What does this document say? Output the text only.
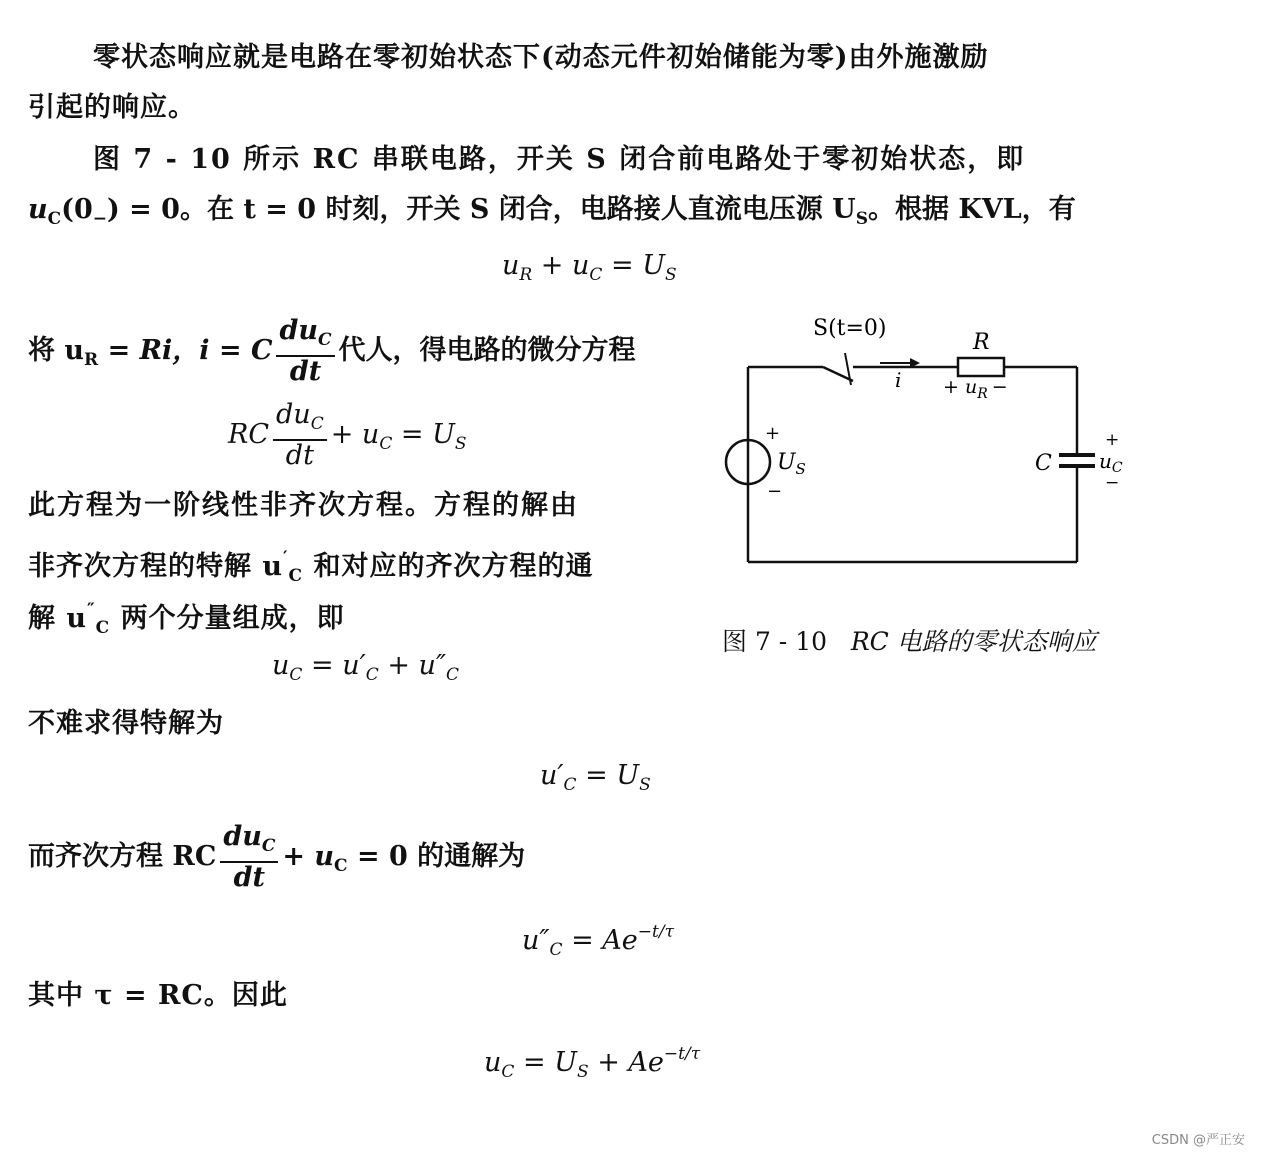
零状态响应就是电路在零初始状态下(动态元件初始储能为零)由外施激励
引起的响应。
图 7 - 10 所示 RC 串联电路，开关 S 闭合前电路处于零初始状态，即
$u_C(0_-) = 0$。在 t = 0 时刻，开关 S 闭合，电路接人直流电压源 $U_S$。根据 KVL，有
$u_R + u_C = U_S$
将 $u_R = Ri$，i = C $\frac{du_C}{dt}$ 代人，得电路的微分方程
RC $\frac{du_C}{dt} + u_C = U_S$
此方程为一阶线性非齐次方程。方程的解由
非齐次方程的特解 $u'_C$ 和对应的齐次方程的通
解 $u''_C$ 两个分量组成，即
$u_C = u'_C + u''_C$
不难求得特解为
$u'_C = U_S$
而齐次方程 RC $\frac{du_C}{dt} + u_C = 0$ 的通解为
$u''_C = Ae^{-t/\tau}$
其中 τ = RC。因此
$u_C = U_S + Ae^{-t/\tau}$
S(t=0)
R
$i + u_R$ −
+
$U_S$
−
C
+
$u_C$
−
图 7 - 10 RC 电路的零状态响应
CSDN @严正安
